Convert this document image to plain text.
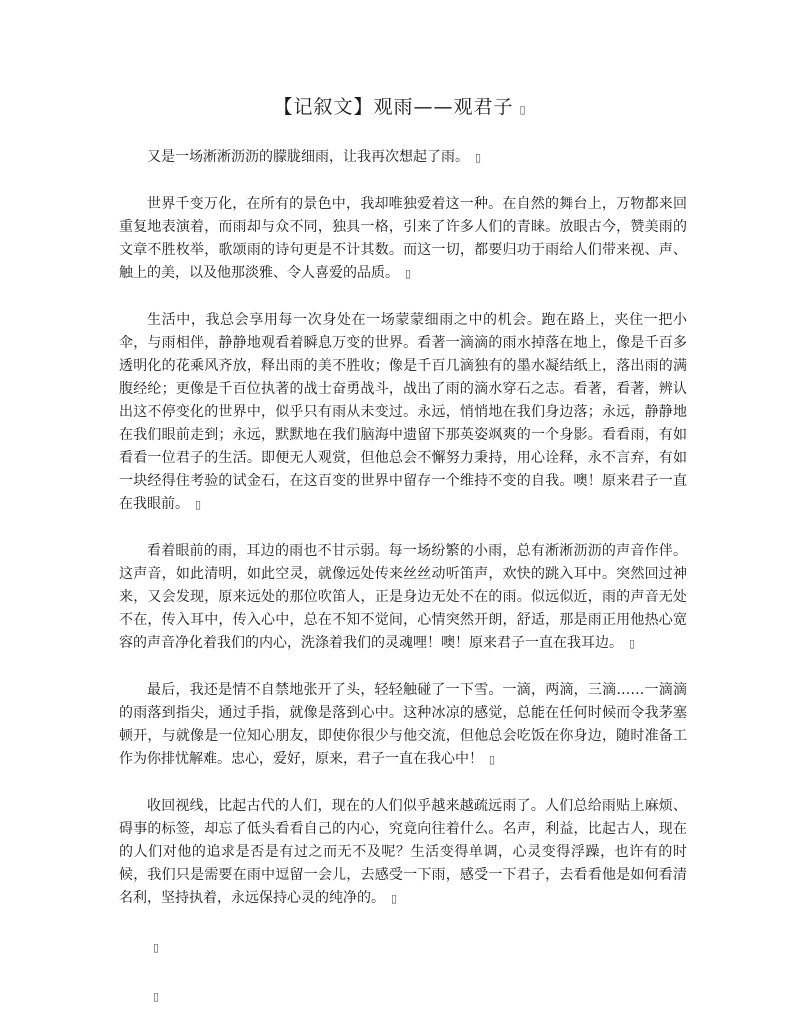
【记叙文】观雨——观君子 ▯

又是一场淅淅沥沥的朦胧细雨，让我再次想起了雨。 ▯

世界千变万化，在所有的景色中，我却唯独爱着这一种。在自然的舞台上，万物都来回重复地表演着，而雨却与众不同，独具一格，引来了许多人们的青睐。放眼古今，赞美雨的文章不胜枚举，歌颂雨的诗句更是不计其数。而这一切，都要归功于雨给人们带来视、声、触上的美，以及他那淡雅、令人喜爱的品质。 ▯

生活中，我总会享用每一次身处在一场蒙蒙细雨之中的机会。跑在路上，夹住一把小伞，与雨相伴，静静地观看着瞬息万变的世界。看著一滴滴的雨水掉落在地上，像是千百多透明化的花乘风齐放，释出雨的美不胜收；像是千百几滴独有的墨水凝结纸上，落出雨的满腹经纶；更像是千百位执著的战士奋勇战斗，战出了雨的滴水穿石之志。看著，看著，辨认出这不停变化的世界中，似乎只有雨从未变过。永远，悄悄地在我们身边落；永远，静静地在我们眼前走到；永远，默默地在我们脑海中遗留下那英姿飒爽的一个身影。看看雨，有如看看一位君子的生活。即便无人观赏，但他总会不懈努力秉持，用心诠释，永不言弃，有如一块经得住考验的试金石，在这百变的世界中留存一个维持不变的自我。噢！原来君子一直在我眼前。 ▯

看着眼前的雨，耳边的雨也不甘示弱。每一场纷繁的小雨，总有淅淅沥沥的声音作伴。这声音，如此清明，如此空灵，就像远处传来丝丝动听笛声，欢快的跳入耳中。突然回过神来，又会发现，原来远处的那位吹笛人，正是身边无处不在的雨。似远似近，雨的声音无处不在，传入耳中，传入心中，总在不知不觉间，心情突然开朗，舒适，那是雨正用他热心宽容的声音净化着我们的内心，洗涤着我们的灵魂哩！噢！原来君子一直在我耳边。 ▯

最后，我还是情不自禁地张开了头，轻轻触碰了一下雪。一滴，两滴，三滴……一滴滴的雨落到指尖，通过手指，就像是落到心中。这种冰凉的感觉，总能在任何时候而令我茅塞顿开，与就像是一位知心朋友，即使你很少与他交流，但他总会吃饭在你身边，随时准备工作为你排忧解难。忠心，爱好，原来，君子一直在我心中！ ▯

收回视线，比起古代的人们，现在的人们似乎越来越疏远雨了。人们总给雨贴上麻烦、碍事的标签，却忘了低头看看自己的内心，究竟向往着什么。名声，利益，比起古人，现在的人们对他的追求是否是有过之而无不及呢？生活变得单调，心灵变得浮躁，也许有的时候，我们只是需要在雨中逗留一会儿，去感受一下雨，感受一下君子，去看看他是如何看清名利，坚持执着，永远保持心灵的纯净的。 ▯

▯

▯
